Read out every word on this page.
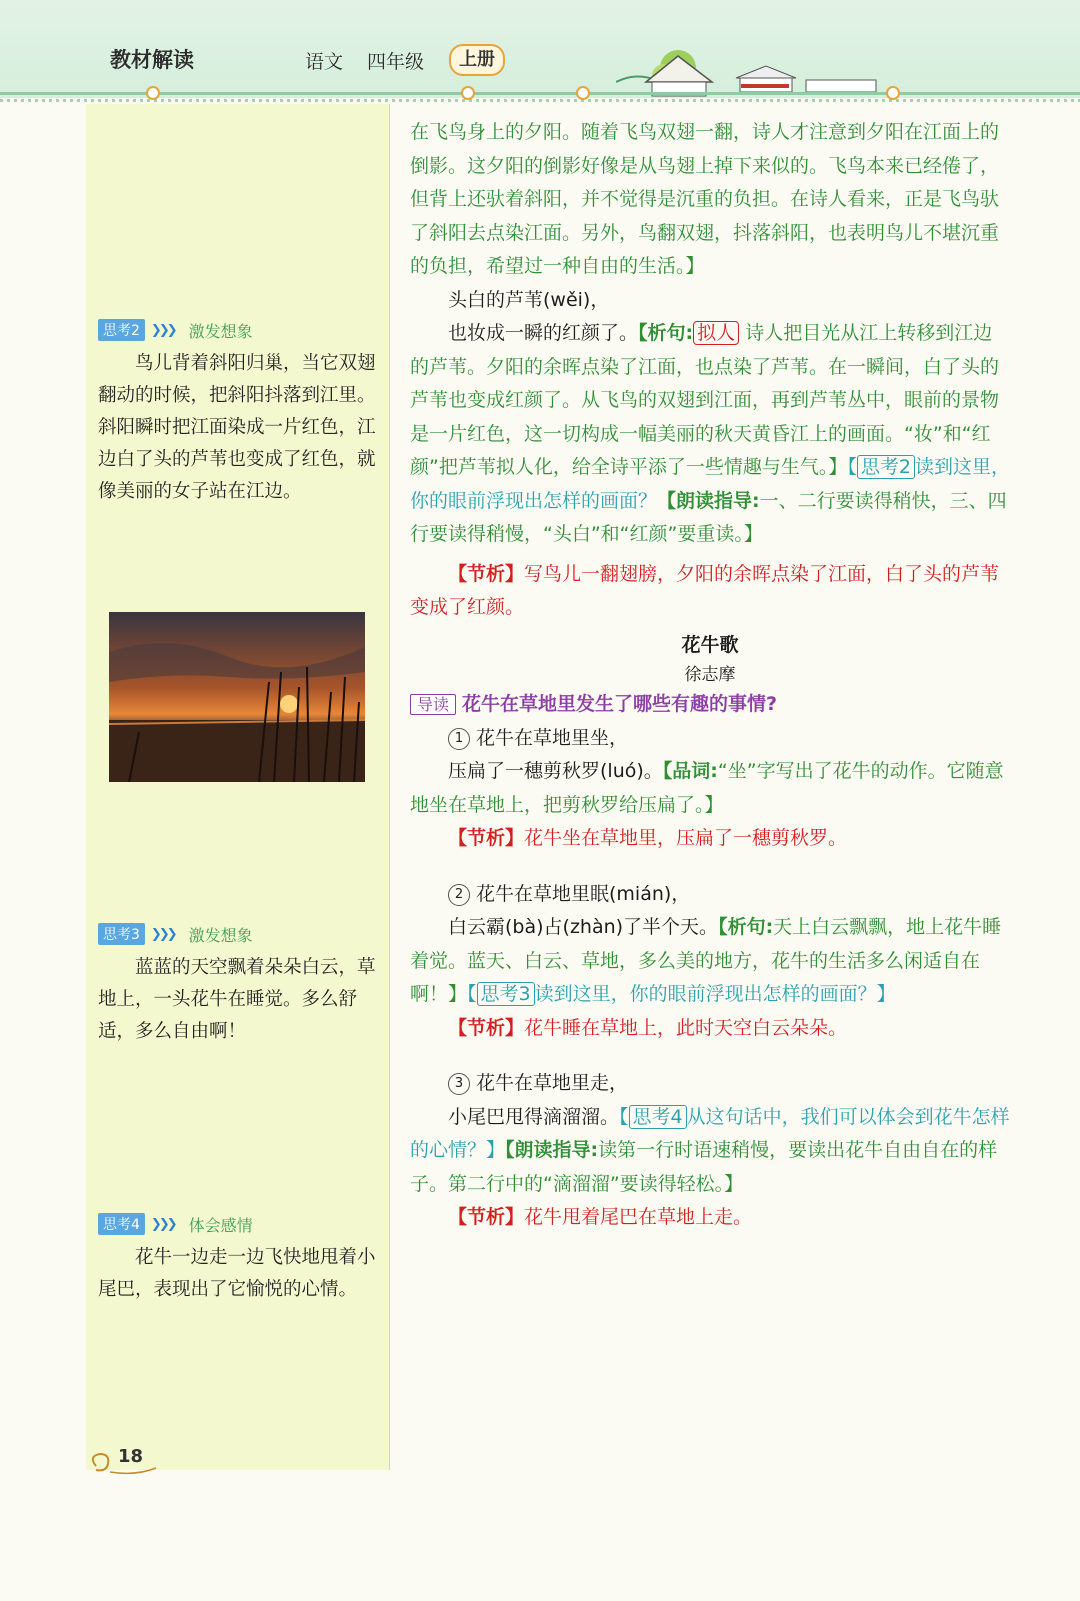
教材解读	语文 四年级	上册
思考2 ❯❯❯ 激发想象
鸟儿背着斜阳归巢，当它双翅翻动的时候，把斜阳抖落到江里。斜阳瞬时把江面染成一片红色，江边白了头的芦苇也变成了红色，就像美丽的女子站在江边。
思考3 ❯❯❯ 激发想象
蓝蓝的天空飘着朵朵白云，草地上，一头花牛在睡觉。多么舒适，多么自由啊！
思考4 ❯❯❯ 体会感情
花牛一边走一边飞快地甩着小尾巴，表现出了它愉悦的心情。

在飞鸟身上的夕阳。随着飞鸟双翅一翻，诗人才注意到夕阳在江面上的倒影。这夕阳的倒影好像是从鸟翅上掉下来似的。飞鸟本来已经倦了，但背上还驮着斜阳，并不觉得是沉重的负担。在诗人看来，正是飞鸟驮了斜阳去点染江面。另外，鸟翻双翅，抖落斜阳，也表明鸟儿不堪沉重的负担，希望过一种自由的生活。】

头白的芦苇(wěi)，

也妆成一瞬的红颜了。【析句: 拟人 诗人把目光从江上转移到江边的芦苇。夕阳的余晖点染了江面，也点染了芦苇。在一瞬间，白了头的芦苇也变成红颜了。从飞鸟的双翅到江面，再到芦苇丛中，眼前的景物是一片红色，这一切构成一幅美丽的秋天黄昏江上的画面。“妆”和“红颜”把芦苇拟人化，给全诗平添了一些情趣与生气。】【 思考2 读到这里，你的眼前浮现出怎样的画面？【朗读指导:一、二行要读得稍快，三、四行要读得稍慢，“头白”和“红颜”要重读。】

【节析】写鸟儿一翻翅膀，夕阳的余晖点染了江面，白了头的芦苇变成了红颜。

花牛歌

徐志摩

导读 花牛在草地里发生了哪些有趣的事情?

1 花牛在草地里坐，

压扁了一穗剪秋罗(luó)。【品词:“坐”字写出了花牛的动作。它随意地坐在草地上，把剪秋罗给压扁了。】

【节析】花牛坐在草地里，压扁了一穗剪秋罗。

2 花牛在草地里眠(mián)，

白云霸(bà)占(zhàn)了半个天。【析句:天上白云飘飘，地上花牛睡着觉。蓝天、白云、草地，多么美的地方，花牛的生活多么闲适自在啊！】【 思考3 读到这里，你的眼前浮现出怎样的画面？】

【节析】花牛睡在草地上，此时天空白云朵朵。

3 花牛在草地里走，

小尾巴甩得滴溜溜。【 思考4 从这句话中，我们可以体会到花牛怎样的心情？】【朗读指导:读第一行时语速稍慢，要读出花牛自由自在的样子。第二行中的“滴溜溜”要读得轻松。】

【节析】花牛甩着尾巴在草地上走。

18
